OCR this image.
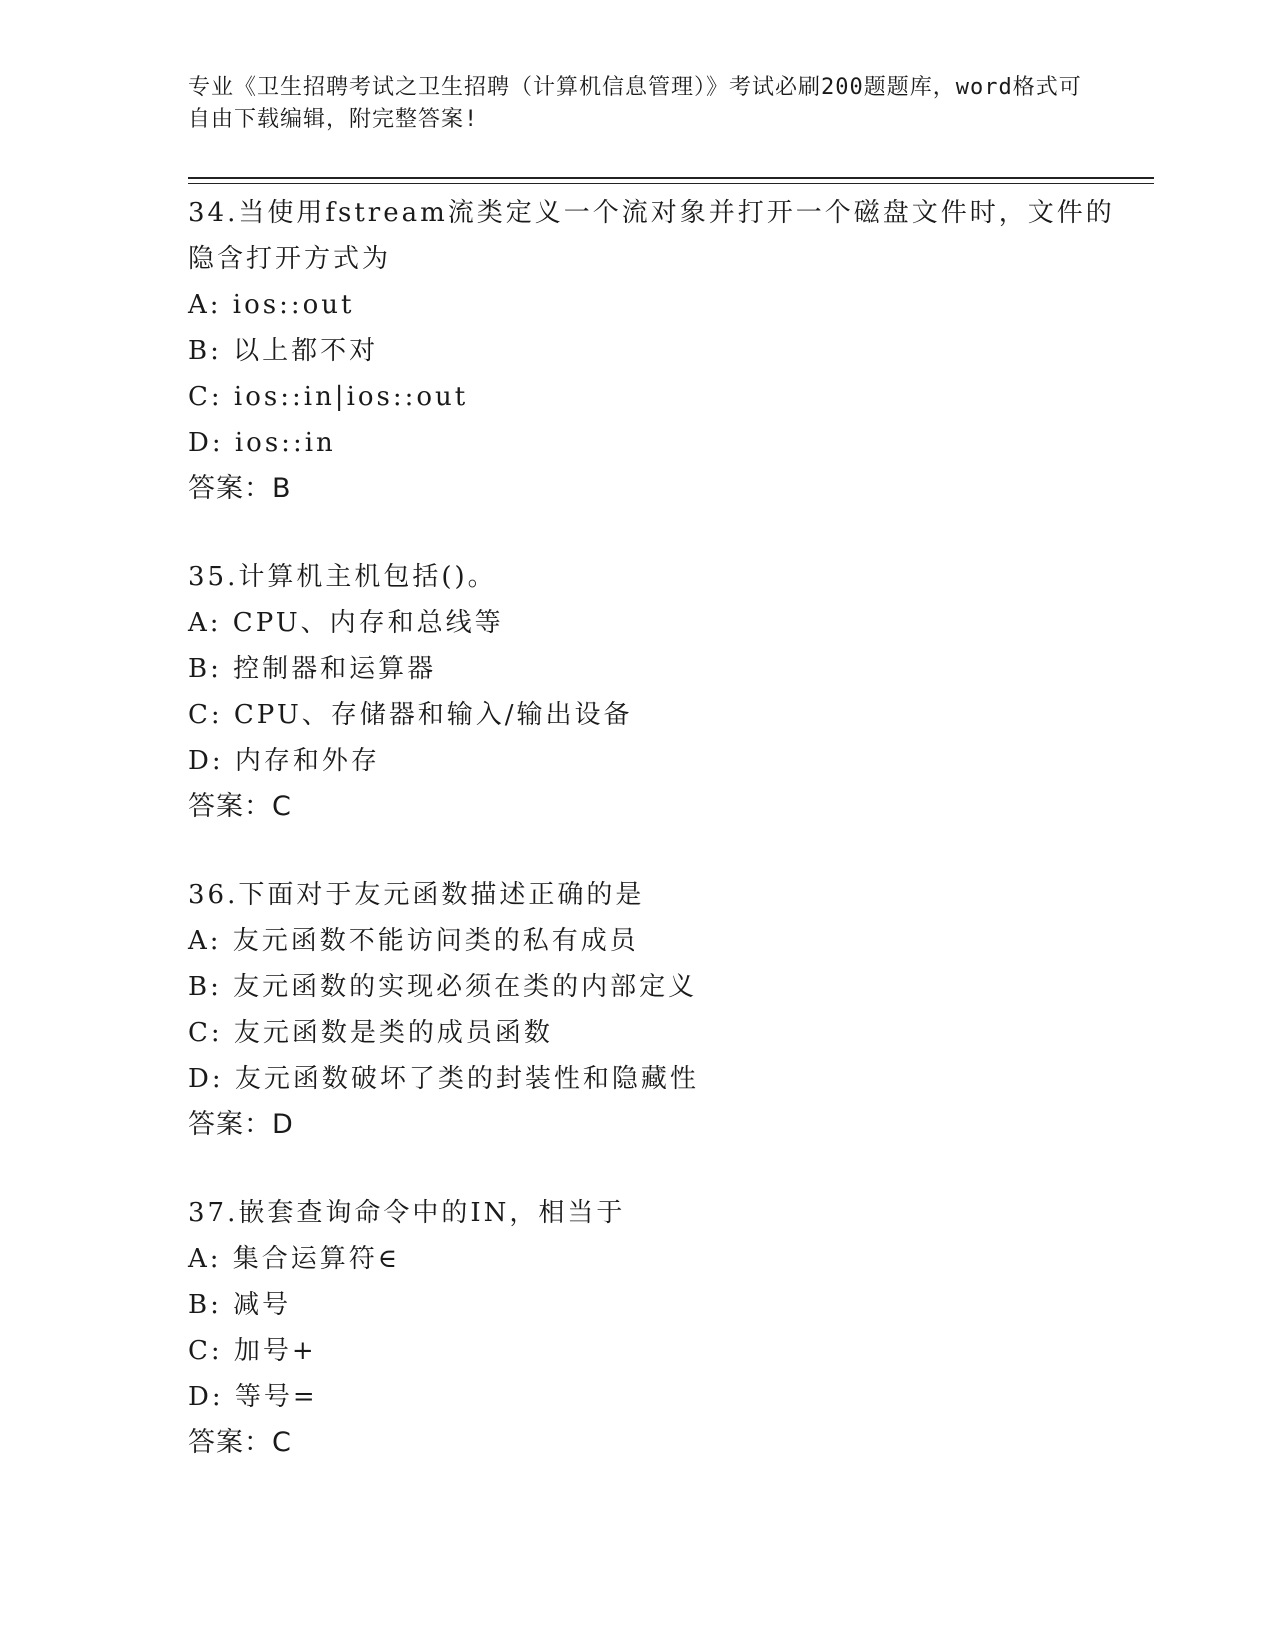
专业《卫生招聘考试之卫生招聘（计算机信息管理）》考试必刷200题题库，word格式可自由下载编辑，附完整答案!
34.当使用fstream流类定义一个流对象并打开一个磁盘文件时，文件的隐含打开方式为
A: ios::out
B: 以上都不对
C: ios::in|ios::out
D: ios::in
答案：B
35.计算机主机包括()。
A: CPU、内存和总线等
B: 控制器和运算器
C: CPU、存储器和输入/输出设备
D: 内存和外存
答案：C
36.下面对于友元函数描述正确的是
A: 友元函数不能访问类的私有成员
B: 友元函数的实现必须在类的内部定义
C: 友元函数是类的成员函数
D: 友元函数破坏了类的封装性和隐藏性
答案：D
37.嵌套查询命令中的IN，相当于
A: 集合运算符∈
B: 减号
C: 加号+
D: 等号=
答案：C
